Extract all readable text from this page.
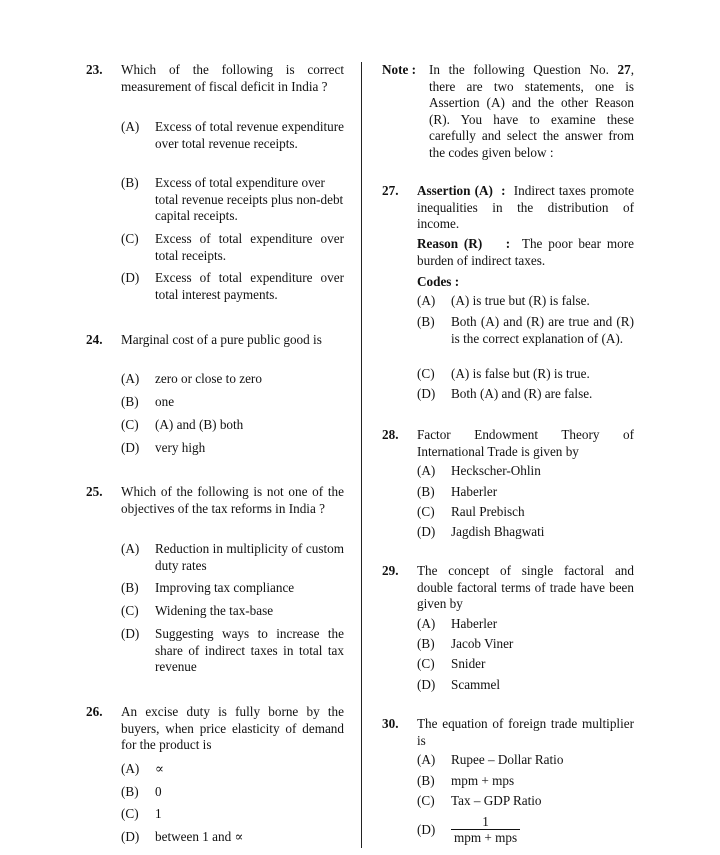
23. Which of the following is correct measurement of fiscal deficit in India ?
(A) Excess of total revenue expenditure over total revenue receipts.
(B) Excess of total expenditure over total revenue receipts plus non-debt capital receipts.
(C) Excess of total expenditure over total receipts.
(D) Excess of total expenditure over total interest payments.
24. Marginal cost of a pure public good is
(A) zero or close to zero
(B) one
(C) (A) and (B) both
(D) very high
25. Which of the following is not one of the objectives of the tax reforms in India ?
(A) Reduction in multiplicity of custom duty rates
(B) Improving tax compliance
(C) Widening the tax-base
(D) Suggesting ways to increase the share of indirect taxes in total tax revenue
26. An excise duty is fully borne by the buyers, when price elasticity of demand for the product is
(A) ∝
(B) 0
(C) 1
(D) between 1 and ∝
Note : In the following Question No. 27, there are two statements, one is Assertion (A) and the other Reason (R). You have to examine these carefully and select the answer from the codes given below :
27. Assertion (A) : Indirect taxes promote inequalities in the distribution of income.
Reason (R) : The poor bear more burden of indirect taxes.
Codes :
(A) (A) is true but (R) is false.
(B) Both (A) and (R) are true and (R) is the correct explanation of (A).
(C) (A) is false but (R) is true.
(D) Both (A) and (R) are false.
28. Factor Endowment Theory of International Trade is given by
(A) Heckscher-Ohlin
(B) Haberler
(C) Raul Prebisch
(D) Jagdish Bhagwati
29. The concept of single factoral and double factoral terms of trade have been given by
(A) Haberler
(B) Jacob Viner
(C) Snider
(D) Scammel
30. The equation of foreign trade multiplier is
(A) Rupee – Dollar Ratio
(B) mpm + mps
(C) Tax – GDP Ratio
$(D) \frac{1}{\text{mpm + mps}}$
